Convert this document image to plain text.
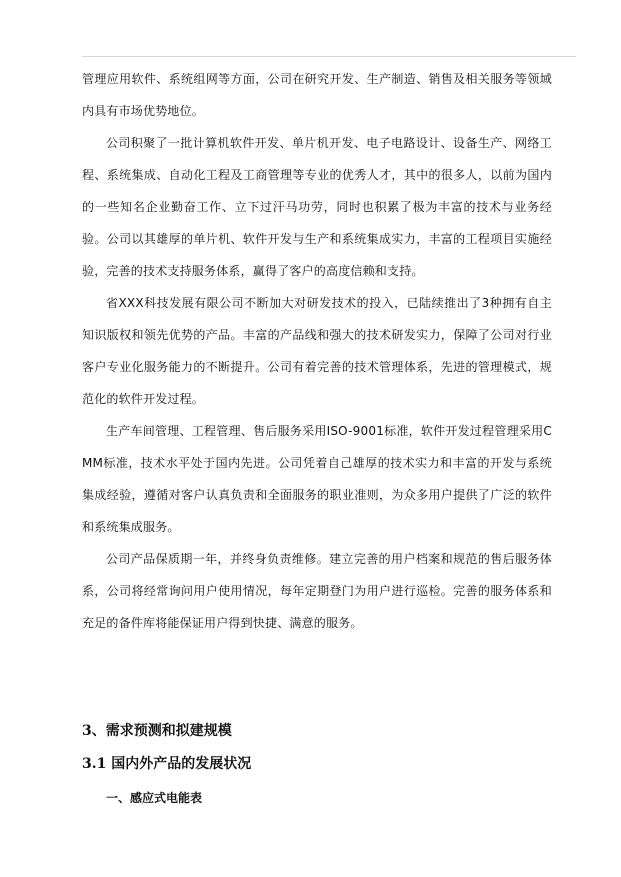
管理应用软件、系统组网等方面，公司在研究开发、生产制造、销售及相关服务等领域内具有市场优势地位。

公司积聚了一批计算机软件开发、单片机开发、电子电路设计、设备生产、网络工程、系统集成、自动化工程及工商管理等专业的优秀人才，其中的很多人，以前为国内的一些知名企业勤奋工作、立下过汗马功劳，同时也积累了极为丰富的技术与业务经验。公司以其雄厚的单片机、软件开发与生产和系统集成实力，丰富的工程项目实施经验，完善的技术支持服务体系，赢得了客户的高度信赖和支持。

省XXX科技发展有限公司不断加大对研发技术的投入，已陆续推出了3种拥有自主知识版权和领先优势的产品。丰富的产品线和强大的技术研发实力，保障了公司对行业客户专业化服务能力的不断提升。公司有着完善的技术管理体系，先进的管理模式，规范化的软件开发过程。

生产车间管理、工程管理、售后服务采用ISO-9001标准，软件开发过程管理采用CMM标准，技术水平处于国内先进。公司凭着自己雄厚的技术实力和丰富的开发与系统集成经验，遵循对客户认真负责和全面服务的职业准则，为众多用户提供了广泛的软件和系统集成服务。

公司产品保质期一年，并终身负责维修。建立完善的用户档案和规范的售后服务体系，公司将经常询问用户使用情况，每年定期登门为用户进行巡检。完善的服务体系和充足的备件库将能保证用户得到快捷、满意的服务。

3、需求预测和拟建规模
3.1 国内外产品的发展状况
一、感应式电能表
